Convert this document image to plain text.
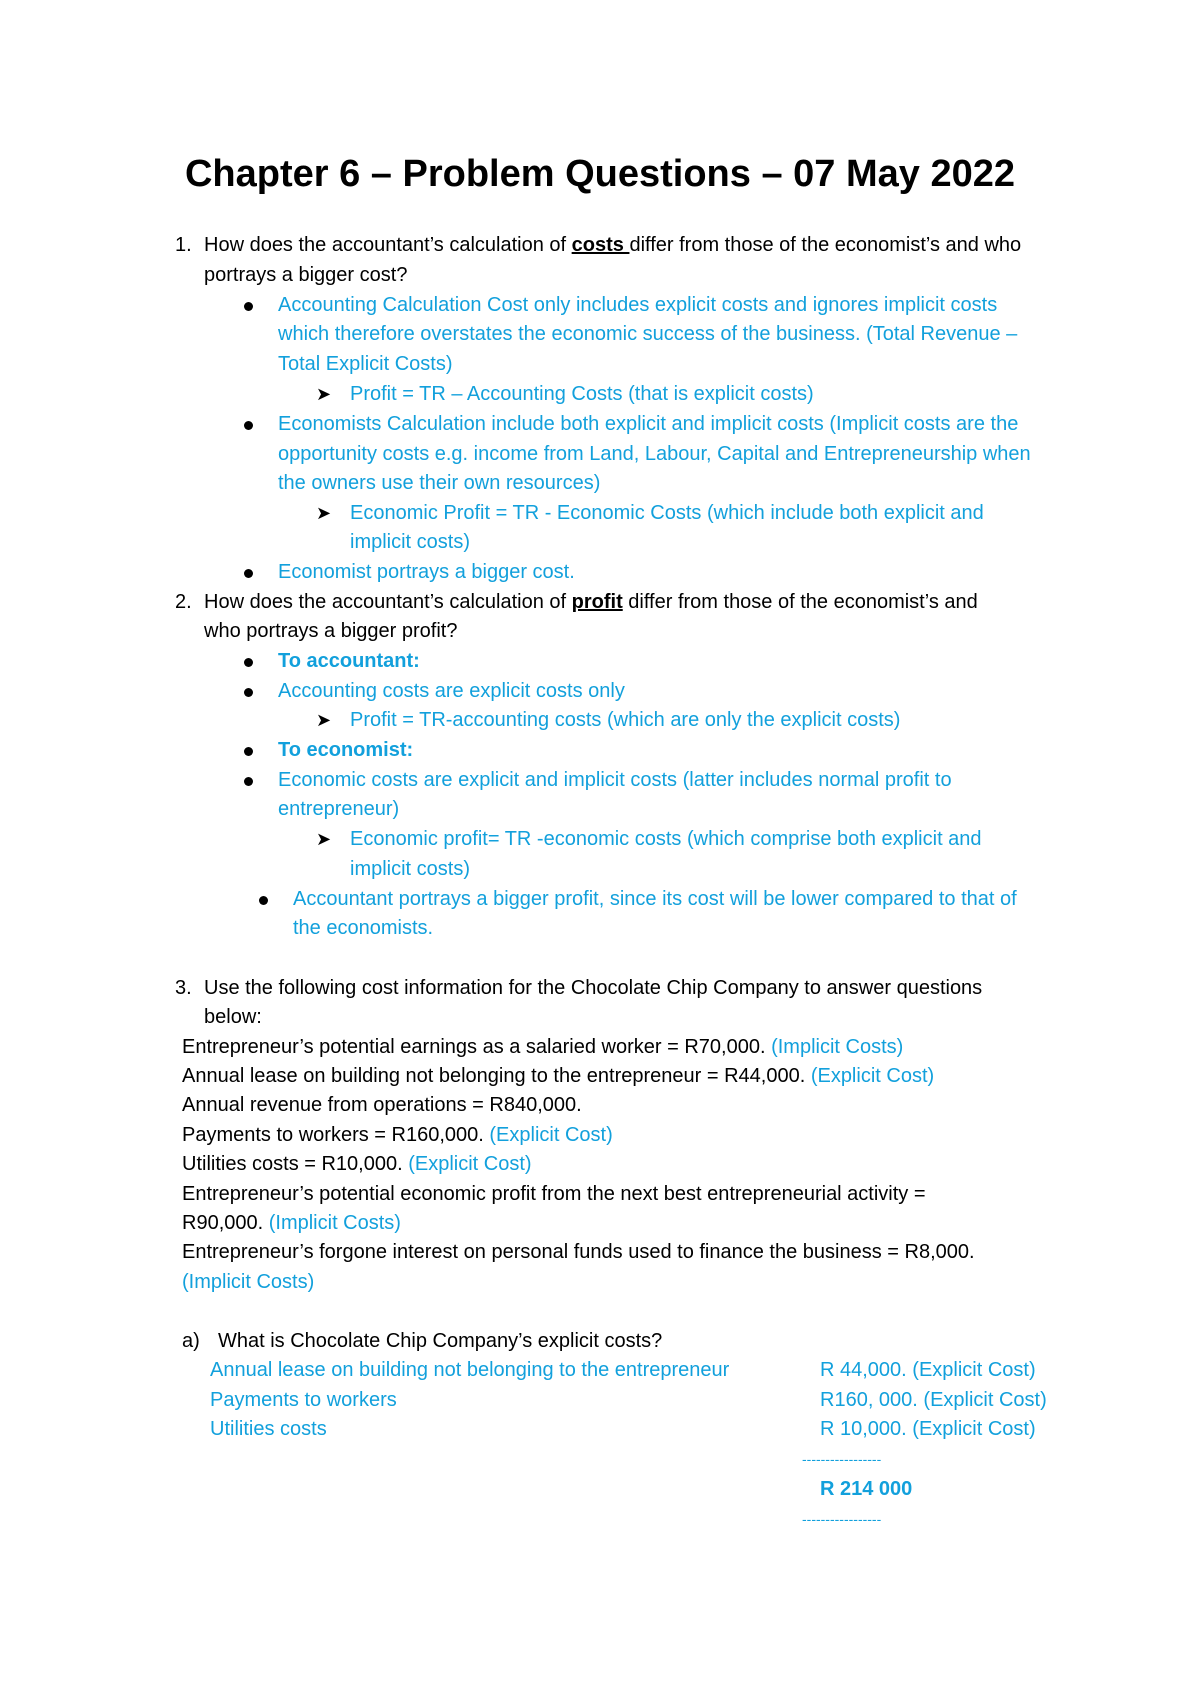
Chapter 6 – Problem Questions – 07 May 2022
1. How does the accountant’s calculation of costs differ from those of the economist’s and who
portrays a bigger cost?
Accounting Calculation Cost only includes explicit costs and ignores implicit costs
which therefore overstates the economic success of the business. (Total Revenue –
Total Explicit Costs)
➤ Profit = TR – Accounting Costs (that is explicit costs)
Economists Calculation include both explicit and implicit costs (Implicit costs are the
opportunity costs e.g. income from Land, Labour, Capital and Entrepreneurship when
the owners use their own resources)
➤ Economic Profit = TR - Economic Costs (which include both explicit and
implicit costs)
Economist portrays a bigger cost.
2. How does the accountant’s calculation of profit differ from those of the economist’s and
who portrays a bigger profit?
To accountant:
Accounting costs are explicit costs only
➤ Profit = TR-accounting costs (which are only the explicit costs)
To economist:
Economic costs are explicit and implicit costs (latter includes normal profit to
entrepreneur)
➤ Economic profit= TR -economic costs (which comprise both explicit and
implicit costs)
Accountant portrays a bigger profit, since its cost will be lower compared to that of
the economists.
3. Use the following cost information for the Chocolate Chip Company to answer questions
below:
Entrepreneur’s potential earnings as a salaried worker = R70,000. (Implicit Costs)
Annual lease on building not belonging to the entrepreneur = R44,000. (Explicit Cost)
Annual revenue from operations = R840,000.
Payments to workers = R160,000. (Explicit Cost)
Utilities costs = R10,000. (Explicit Cost)
Entrepreneur’s potential economic profit from the next best entrepreneurial activity =
R90,000. (Implicit Costs)
Entrepreneur’s forgone interest on personal funds used to finance the business = R8,000.
(Implicit Costs)
a) What is Chocolate Chip Company’s explicit costs?
Annual lease on building not belonging to the entrepreneur	R 44,000. (Explicit Cost)
Payments to workers	R160, 000. (Explicit Cost)
Utilities costs	R 10,000. (Explicit Cost)
-----------------
R 214 000
-----------------
